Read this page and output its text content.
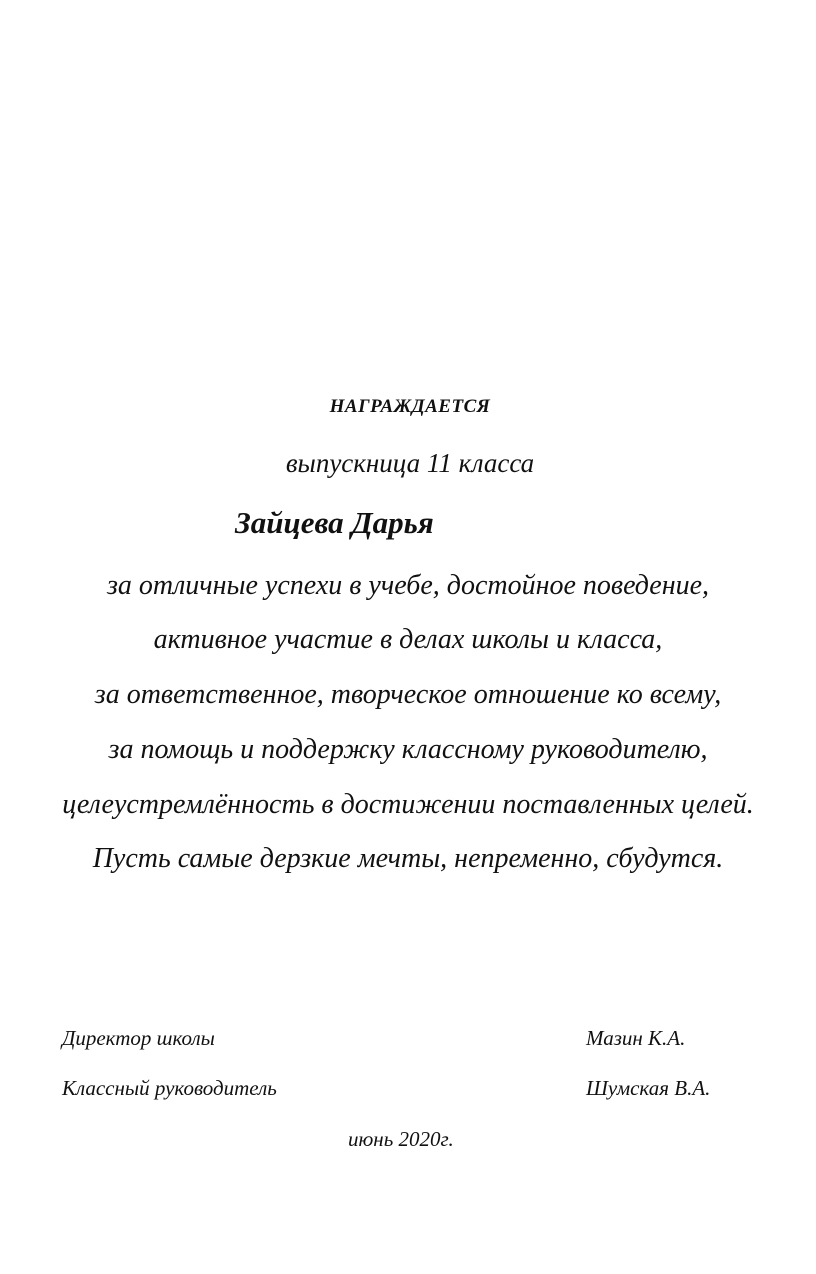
НАГРАЖДАЕТСЯ
выпускница 11 класса
Зайцева Дарья
за отличные успехи в учебе, достойное поведение,
активное участие в делах школы и класса,
за ответственное, творческое отношение ко всему,
за помощь и поддержку классному руководителю,
целеустремлённость в достижении поставленных целей.
Пусть самые дерзкие мечты, непременно, сбудутся.
Директор школы	Мазин К.А.
Классный руководитель	Шумская В.А.
июнь 2020г.
